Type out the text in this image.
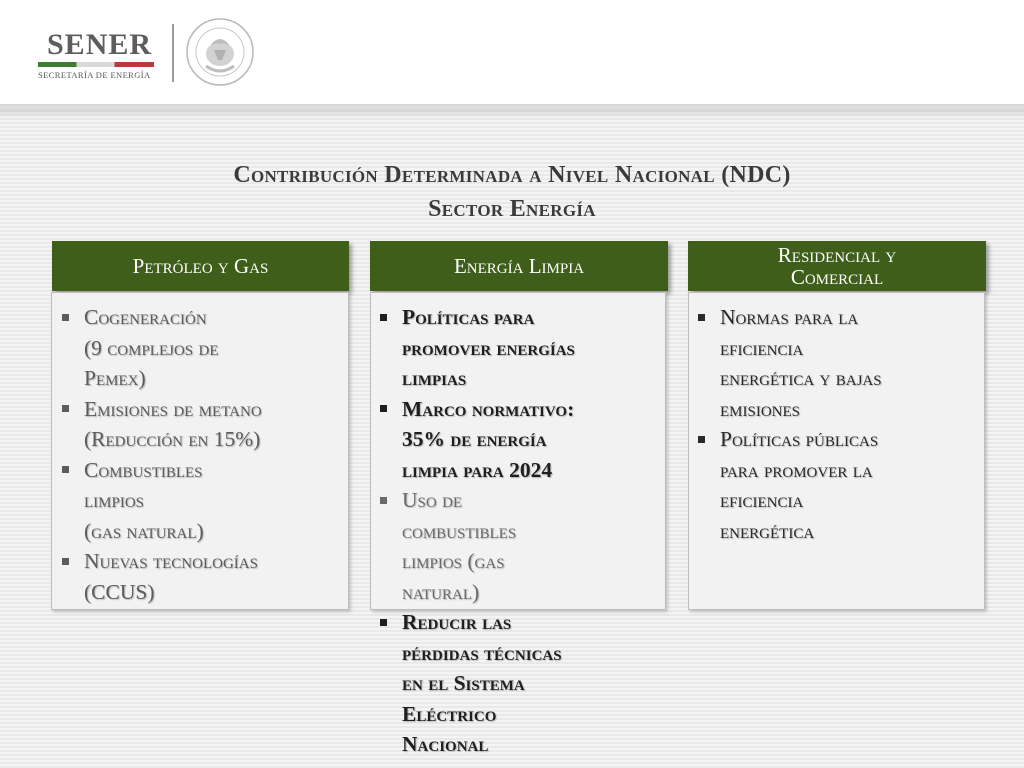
SENER
SECRETARÍA DE ENERGÍA
Contribución Determinada a Nivel Nacional (NDC)
Sector Energía
Petróleo y Gas
Cogeneración
(9 complejos de
Pemex)
Emisiones de metano
(Reducción en 15%)
Combustibles
limpios
(gas natural)
Nuevas tecnologías
(CCUS)
Energía Limpia
Políticas para
promover energías
limpias
Marco normativo:
35% de energía
limpia para 2024
Uso de
combustibles
limpios (gas
natural)
Reducir las
pérdidas técnicas
en el Sistema
Eléctrico
Nacional
Residencial y
Comercial
Normas para la
eficiencia
energética y bajas
emisiones
Políticas públicas
para promover la
eficiencia
energética
